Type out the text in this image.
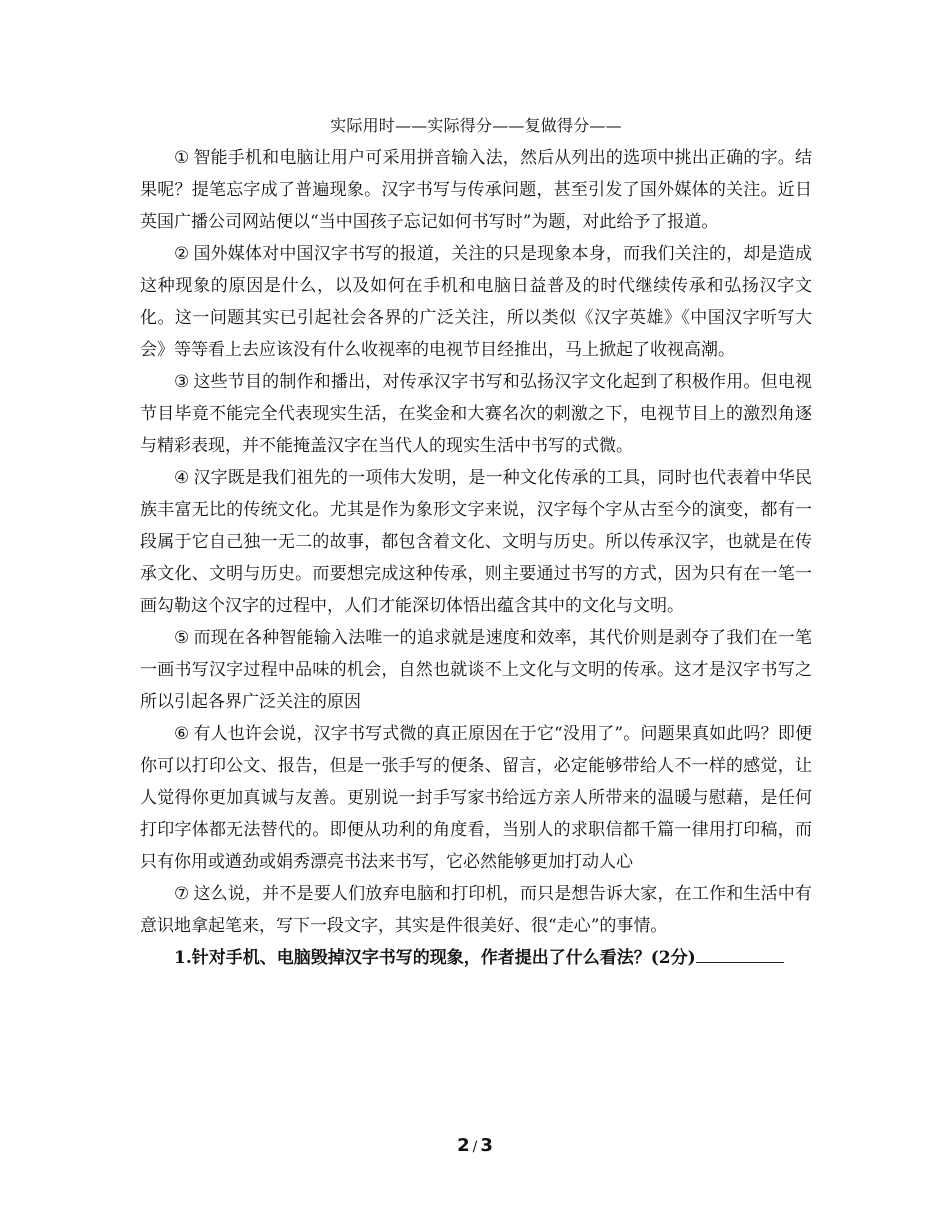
实际用时——实际得分——复做得分——

① 智能手机和电脑让用户可采用拼音输入法，然后从列出的选项中挑出正确的字。结果呢？提笔忘字成了普遍现象。汉字书写与传承问题，甚至引发了国外媒体的关注。近日英国广播公司网站便以“当中国孩子忘记如何书写时”为题，对此给予了报道。

② 国外媒体对中国汉字书写的报道，关注的只是现象本身，而我们关注的，却是造成这种现象的原因是什么，以及如何在手机和电脑日益普及的时代继续传承和弘扬汉字文化。这一问题其实已引起社会各界的广泛关注，所以类似《汉字英雄》《中国汉字听写大会》等等看上去应该没有什么收视率的电视节目经推出，马上掀起了收视高潮。

③ 这些节目的制作和播出，对传承汉字书写和弘扬汉字文化起到了积极作用。但电视节目毕竟不能完全代表现实生活，在奖金和大赛名次的刺激之下，电视节目上的激烈角逐与精彩表现，并不能掩盖汉字在当代人的现实生活中书写的式微。

④ 汉字既是我们祖先的一项伟大发明，是一种文化传承的工具，同时也代表着中华民族丰富无比的传统文化。尤其是作为象形文字来说，汉字每个字从古至今的演变，都有一段属于它自己独一无二的故事，都包含着文化、文明与历史。所以传承汉字，也就是在传承文化、文明与历史。而要想完成这种传承，则主要通过书写的方式，因为只有在一笔一画勾勒这个汉字的过程中，人们才能深切体悟出蕴含其中的文化与文明。

⑤ 而现在各种智能输入法唯一的追求就是速度和效率，其代价则是剥夺了我们在一笔一画书写汉字过程中品味的机会，自然也就谈不上文化与文明的传承。这才是汉字书写之所以引起各界广泛关注的原因

⑥ 有人也许会说，汉字书写式微的真正原因在于它“没用了”。问题果真如此吗？即便你可以打印公文、报告，但是一张手写的便条、留言，必定能够带给人不一样的感觉，让人觉得你更加真诚与友善。更别说一封手写家书给远方亲人所带来的温暖与慰藉，是任何打印字体都无法替代的。即便从功利的角度看，当别人的求职信都千篇一律用打印稿，而只有你用或遒劲或娟秀漂亮书法来书写，它必然能够更加打动人心

⑦ 这么说，并不是要人们放弃电脑和打印机，而只是想告诉大家，在工作和生活中有意识地拿起笔来，写下一段文字，其实是件很美好、很“走心”的事情。

1.针对手机、电脑毁掉汉字书写的现象，作者提出了什么看法？(2分)

2 / 3
